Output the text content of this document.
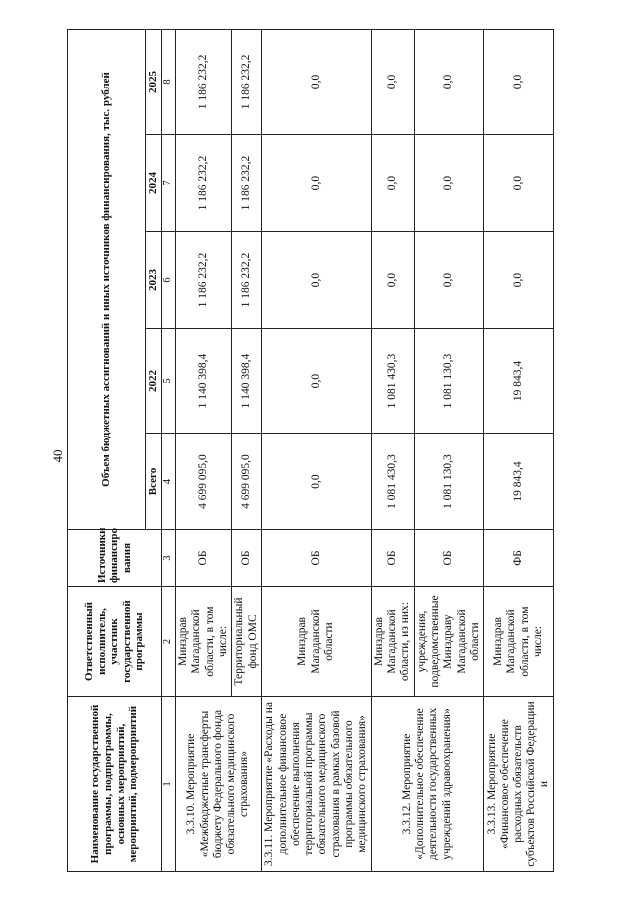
40
Наименование государственной программы, подпрограммы, основных мероприятий, мероприятий, подмероприятий	Ответственный исполнитель, участник государственной программы	Источники финансиро вания	Объем бюджетных ассигнований и иных источников финансирования, тыс. рублей				
			Всего	2022	2023	2024	2025
1	2	3	4	5	6	7	8
3.3.10. Мероприятие «Межбюджетные трансферты бюджету Федерального фонда обязательного медицинского страхования»	Минздрав Магаданской области, в том числе:	ОБ	4 699 095,0	1 140 398,4	1 186 232,2	1 186 232,2	1 186 232,2
	Территориальный фонд ОМС	ОБ	4 699 095,0	1 140 398,4	1 186 232,2	1 186 232,2	1 186 232,2
3.3.11. Мероприятие «Расходы на дополнительное финансовое обеспечение выполнения территориальной программы обязательного медицинского страхования в рамках базовой программы обязательного медицинского страхования»	Минздрав Магаданской области	ОБ	0,0	0,0	0,0	0,0	0,0
3.3.12. Мероприятие «Дополнительное обеспечение деятельности государственных учреждений здравоохранения»	Минздрав Магаданской области, из них:	ОБ	1 081 430,3	1 081 430,3	0,0	0,0	0,0
	учреждения, подведомственные Минздраву Магаданской области	ОБ	1 081 130,3	1 081 130,3	0,0	0,0	0,0
3.3.13. Мероприятие «Финансовое обеспечение расходных обязательств субъектов Российской Федерации и	Минздрав Магаданской области, в том числе:	ФБ	19 843,4	19 843,4	0,0	0,0	0,0
